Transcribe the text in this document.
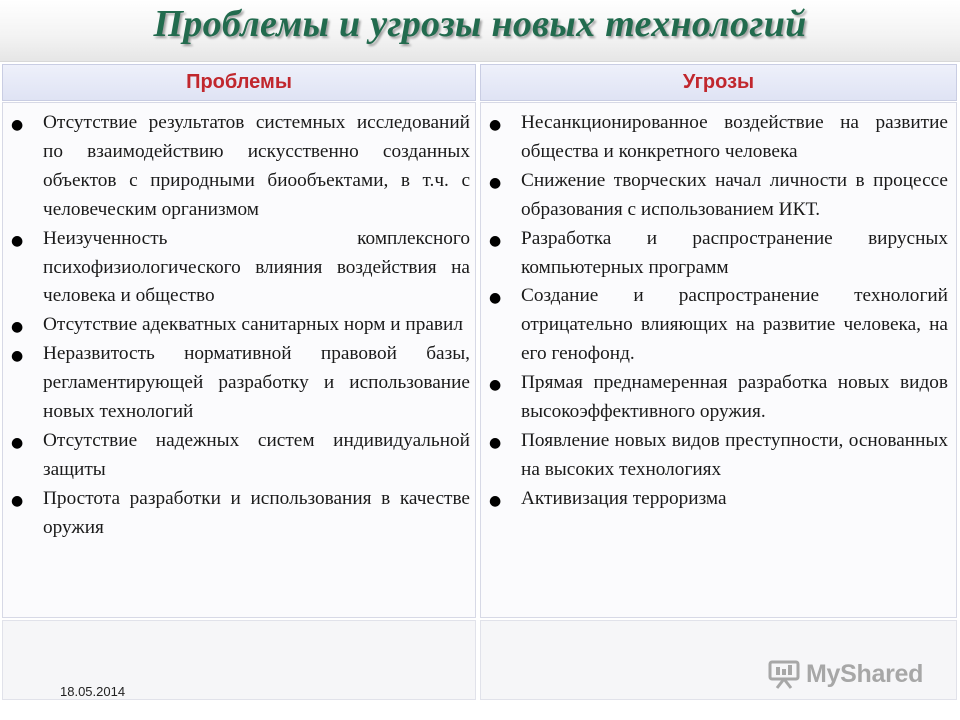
Проблемы и угрозы новых технологий
Проблемы	Угрозы
● Отсутствие результатов системных исследований по взаимодействию искусственно созданных объектов с природными биообъектами, в т.ч. с человеческим организмом
● Неизученность комплексного психофизиологического влияния воздействия на человека и общество
● Отсутствие адекватных санитарных норм и правил
● Неразвитость нормативной правовой базы, регламентирующей разработку и использование новых технологий
● Отсутствие надежных систем индивидуальной защиты
● Простота разработки и использования в качестве оружия
● Несанкционированное воздействие на развитие общества и конкретного человека
● Снижение творческих начал личности в процессе образования с использованием ИКТ.
● Разработка и распространение вирусных компьютерных программ
● Создание и распространение технологий отрицательно влияющих на развитие человека, на его генофонд.
● Прямая преднамеренная разработка новых видов высокоэффективного оружия.
● Появление новых видов преступности, основанных на высоких технологиях
● Активизация терроризма
18.05.2014
MyShared
